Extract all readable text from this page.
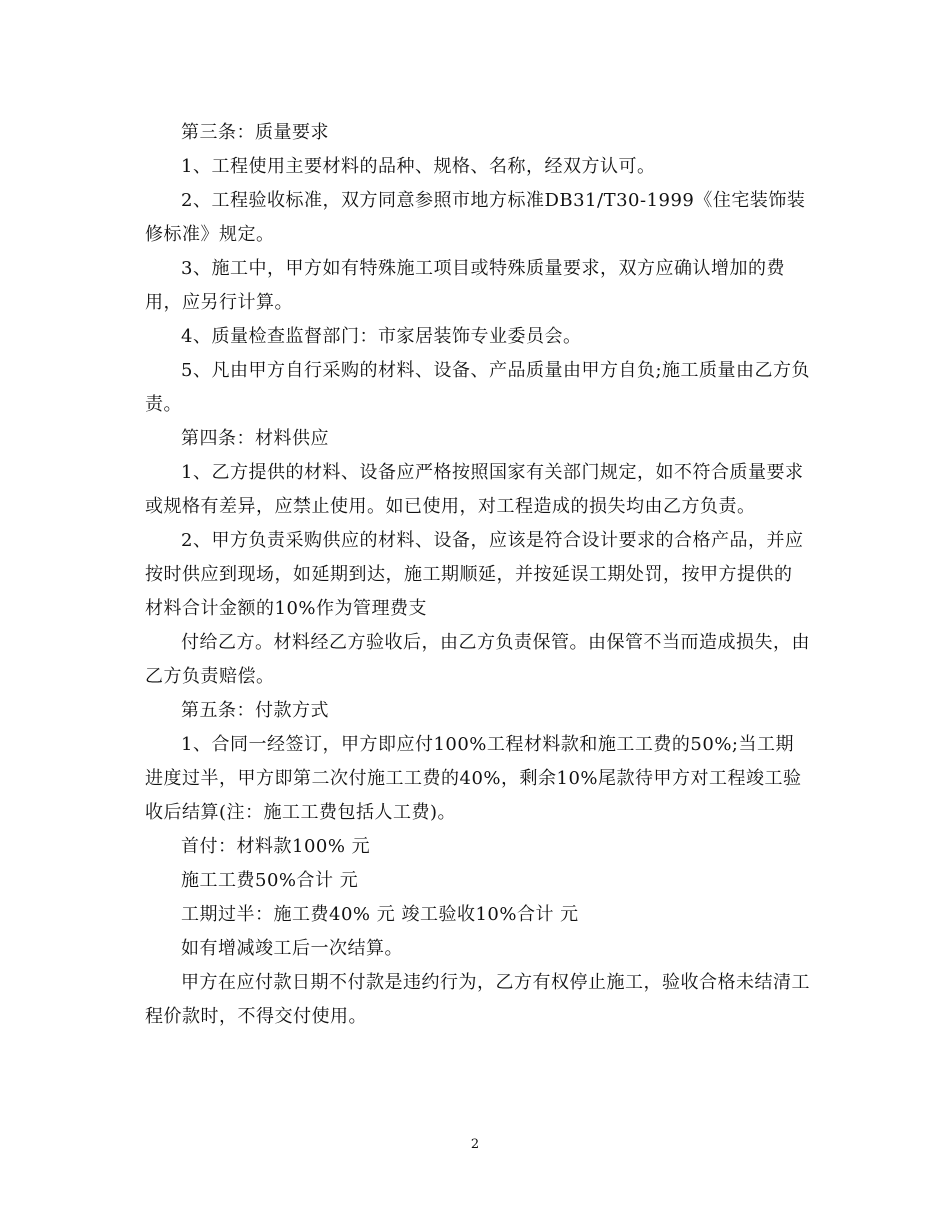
第三条：质量要求

1、工程使用主要材料的品种、规格、名称，经双方认可。

2、工程验收标准，双方同意参照市地方标准DB31/T30-1999《住宅装饰装修标准》规定。

3、施工中，甲方如有特殊施工项目或特殊质量要求，双方应确认增加的费用，应另行计算。

4、质量检查监督部门：市家居装饰专业委员会。

5、凡由甲方自行采购的材料、设备、产品质量由甲方自负;施工质量由乙方负责。

第四条：材料供应

1、乙方提供的材料、设备应严格按照国家有关部门规定，如不符合质量要求或规格有差异，应禁止使用。如已使用，对工程造成的损失均由乙方负责。

2、甲方负责采购供应的材料、设备，应该是符合设计要求的合格产品，并应按时供应到现场，如延期到达，施工期顺延，并按延误工期处罚，按甲方提供的材料合计金额的10%作为管理费支

付给乙方。材料经乙方验收后，由乙方负责保管。由保管不当而造成损失，由乙方负责赔偿。

第五条：付款方式

1、合同一经签订，甲方即应付100%工程材料款和施工工费的50%;当工期进度过半，甲方即第二次付施工工费的40%，剩余10%尾款待甲方对工程竣工验收后结算(注：施工工费包括人工费)。

首付：材料款100% 元

施工工费50%合计 元

工期过半：施工费40% 元 竣工验收10%合计 元

如有增减竣工后一次结算。

甲方在应付款日期不付款是违约行为，乙方有权停止施工，验收合格未结清工程价款时，不得交付使用。

2
